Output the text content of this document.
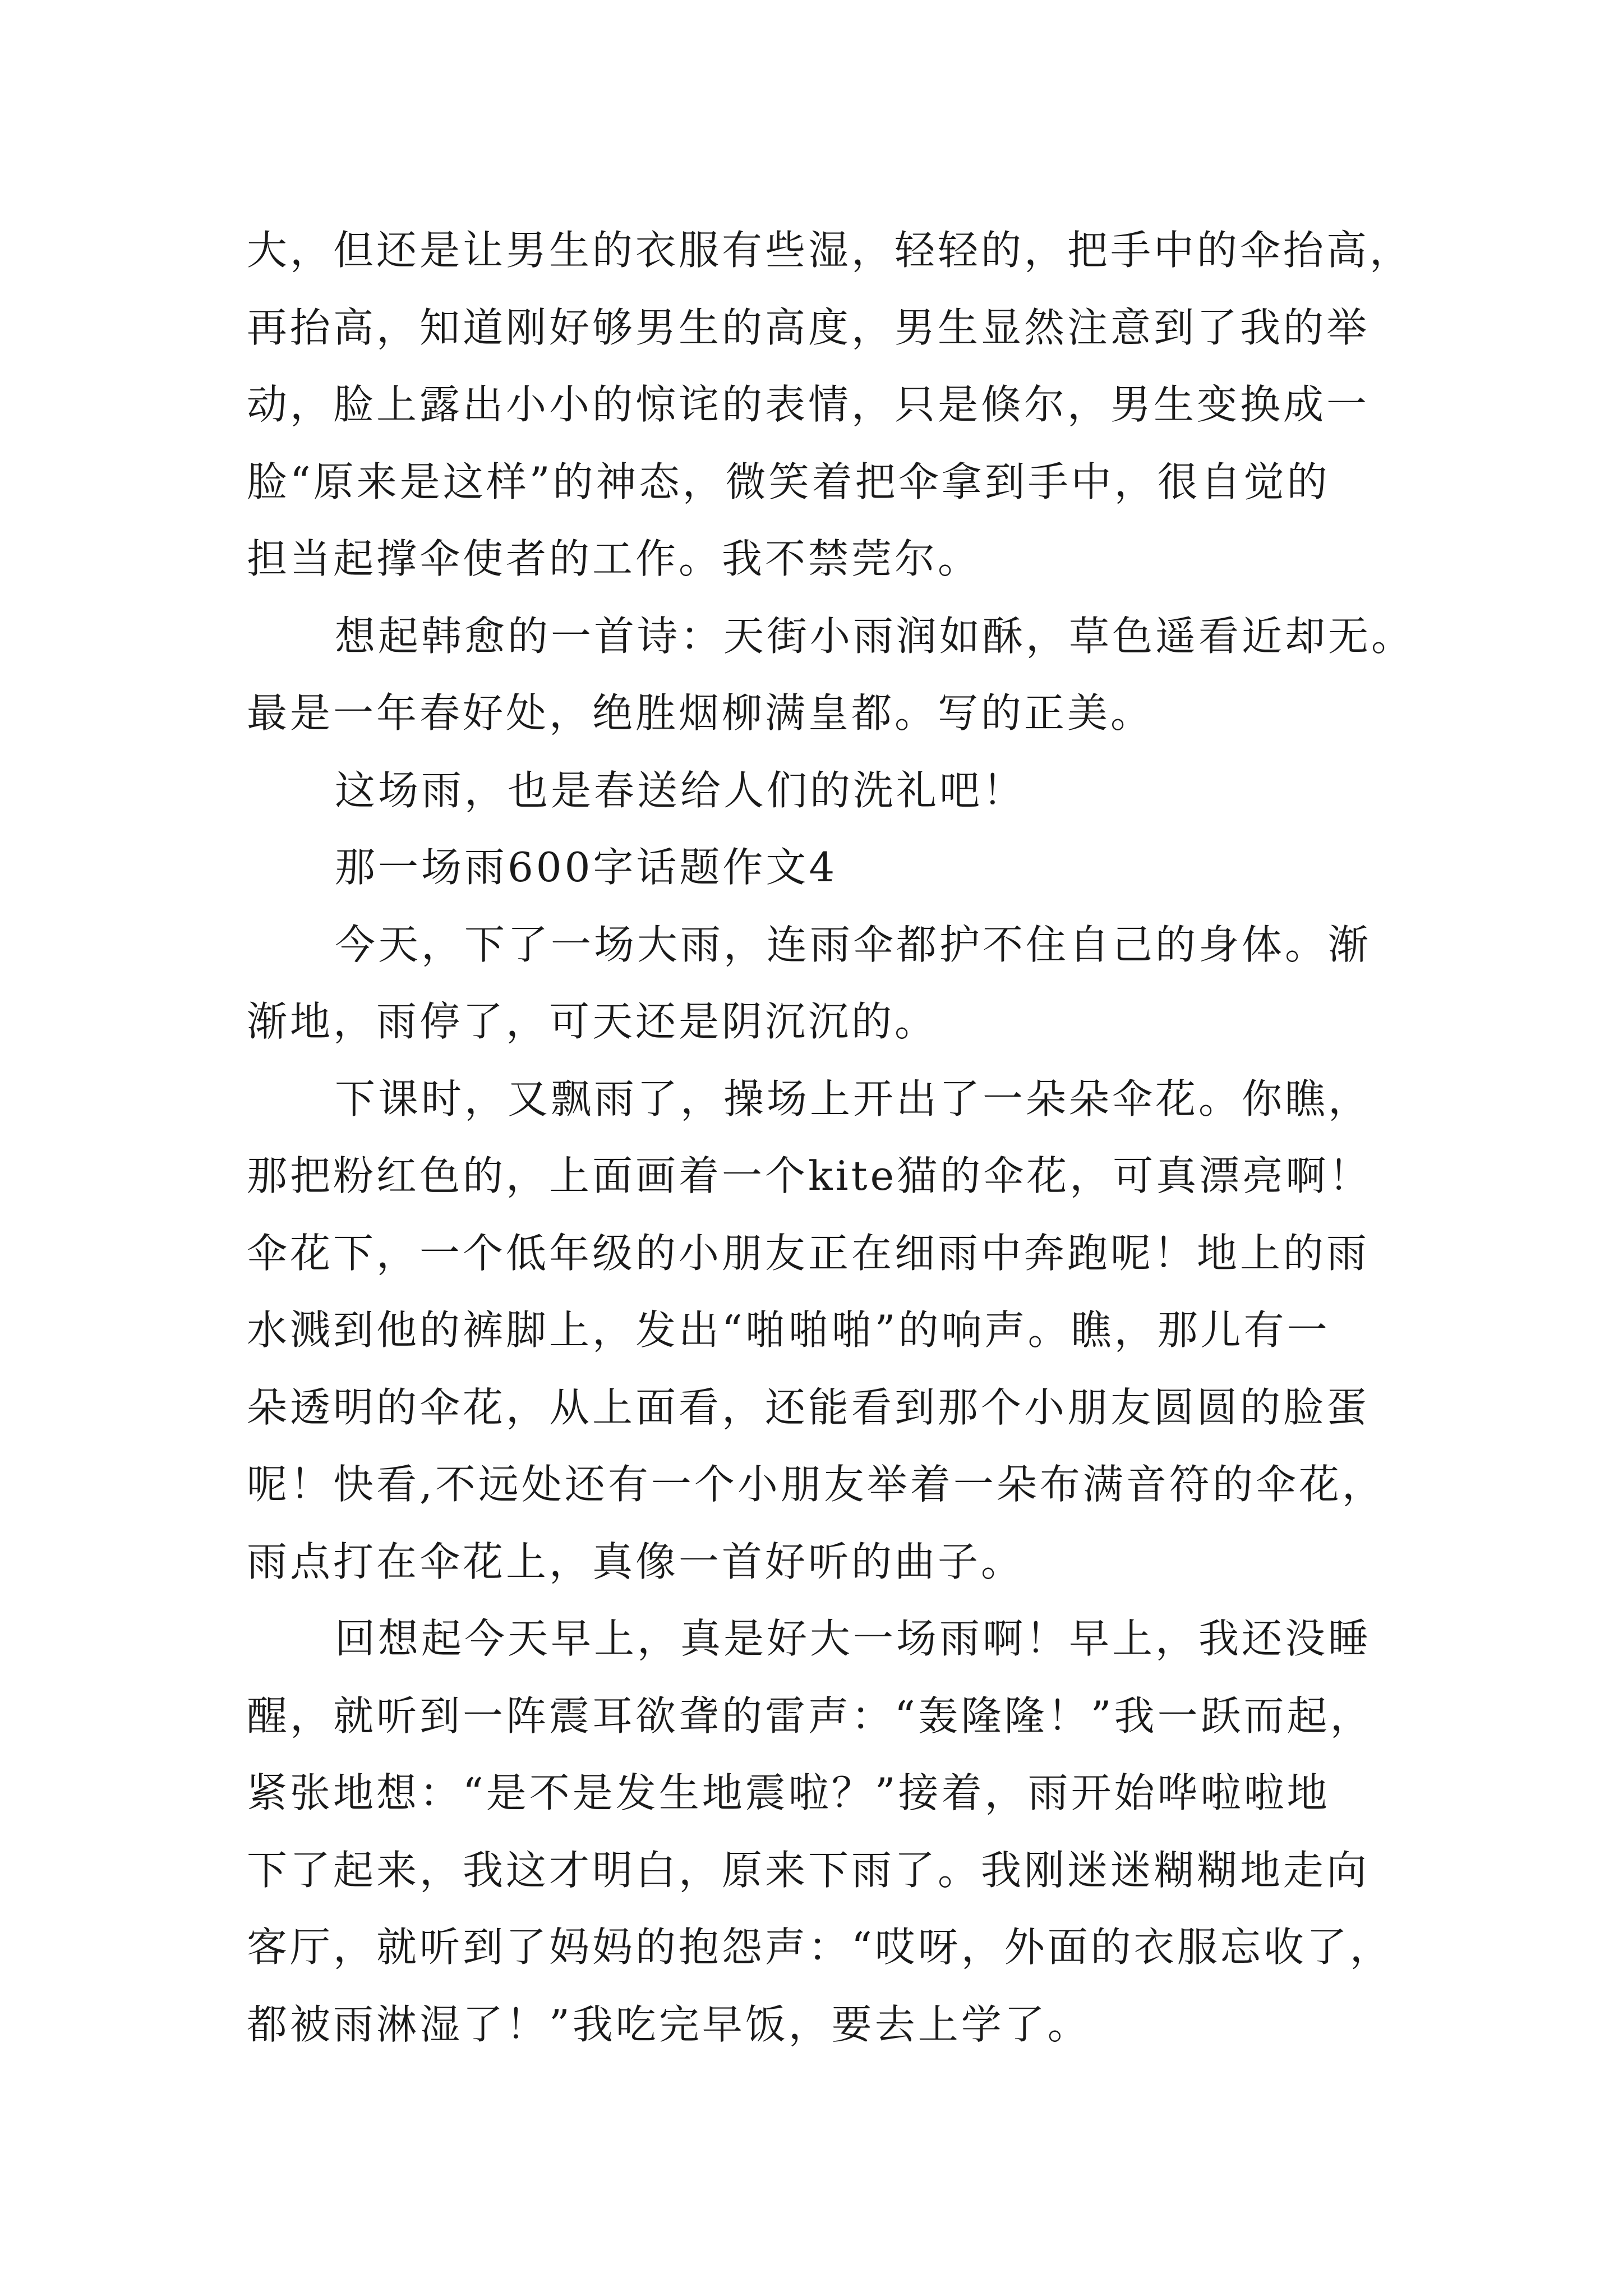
大，但还是让男生的衣服有些湿，轻轻的，把手中的伞抬高，
再抬高，知道刚好够男生的高度，男生显然注意到了我的举
动，脸上露出小小的惊诧的表情，只是倏尔，男生变换成一
脸“原来是这样”的神态，微笑着把伞拿到手中，很自觉的
担当起撑伞使者的工作。我不禁莞尔。
想起韩愈的一首诗：天街小雨润如酥，草色遥看近却无。
最是一年春好处，绝胜烟柳满皇都。写的正美。
这场雨，也是春送给人们的洗礼吧！
那一场雨600字话题作文4
今天，下了一场大雨，连雨伞都护不住自己的身体。渐
渐地，雨停了，可天还是阴沉沉的。
下课时，又飘雨了，操场上开出了一朵朵伞花。你瞧，
那把粉红色的，上面画着一个kite猫的伞花，可真漂亮啊！
伞花下，一个低年级的小朋友正在细雨中奔跑呢！地上的雨
水溅到他的裤脚上，发出“啪啪啪”的响声。瞧，那儿有一
朵透明的伞花，从上面看，还能看到那个小朋友圆圆的脸蛋
呢！快看,不远处还有一个小朋友举着一朵布满音符的伞花，
雨点打在伞花上，真像一首好听的曲子。
回想起今天早上，真是好大一场雨啊！早上，我还没睡
醒，就听到一阵震耳欲聋的雷声：“轰隆隆！”我一跃而起，
紧张地想：“是不是发生地震啦？”接着，雨开始哗啦啦地
下了起来，我这才明白，原来下雨了。我刚迷迷糊糊地走向
客厅，就听到了妈妈的抱怨声：“哎呀，外面的衣服忘收了，
都被雨淋湿了！”我吃完早饭，要去上学了。
